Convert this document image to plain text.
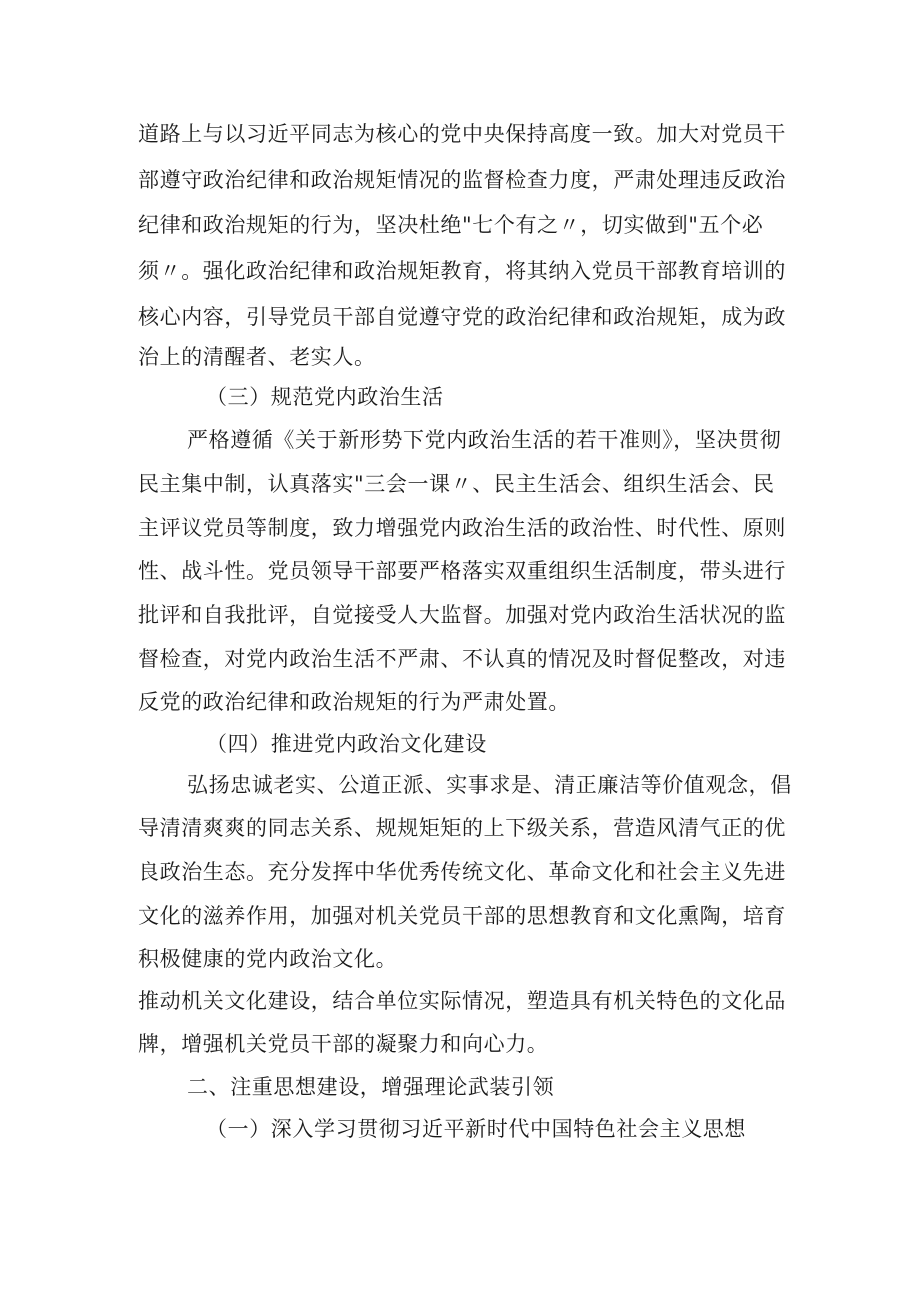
道路上与以习近平同志为核心的党中央保持高度一致。加大对党员干
部遵守政治纪律和政治规矩情况的监督检查力度，严肃处理违反政治
纪律和政治规矩的行为，坚决杜绝"七个有之〃，切实做到"五个必
须〃。强化政治纪律和政治规矩教育，将其纳入党员干部教育培训的
核心内容，引导党员干部自觉遵守党的政治纪律和政治规矩，成为政
治上的清醒者、老实人。
（三）规范党内政治生活
严格遵循《关于新形势下党内政治生活的若干准则》，坚决贯彻
民主集中制，认真落实"三会一课〃、民主生活会、组织生活会、民
主评议党员等制度，致力增强党内政治生活的政治性、时代性、原则
性、战斗性。党员领导干部要严格落实双重组织生活制度，带头进行
批评和自我批评，自觉接受人大监督。加强对党内政治生活状况的监
督检查，对党内政治生活不严肃、不认真的情况及时督促整改，对违
反党的政治纪律和政治规矩的行为严肃处置。
（四）推进党内政治文化建设
弘扬忠诚老实、公道正派、实事求是、清正廉洁等价值观念，倡
导清清爽爽的同志关系、规规矩矩的上下级关系，营造风清气正的优
良政治生态。充分发挥中华优秀传统文化、革命文化和社会主义先进
文化的滋养作用，加强对机关党员干部的思想教育和文化熏陶，培育
积极健康的党内政治文化。
推动机关文化建设，结合单位实际情况，塑造具有机关特色的文化品
牌，增强机关党员干部的凝聚力和向心力。
二、注重思想建设，增强理论武装引领
（一）深入学习贯彻习近平新时代中国特色社会主义思想
